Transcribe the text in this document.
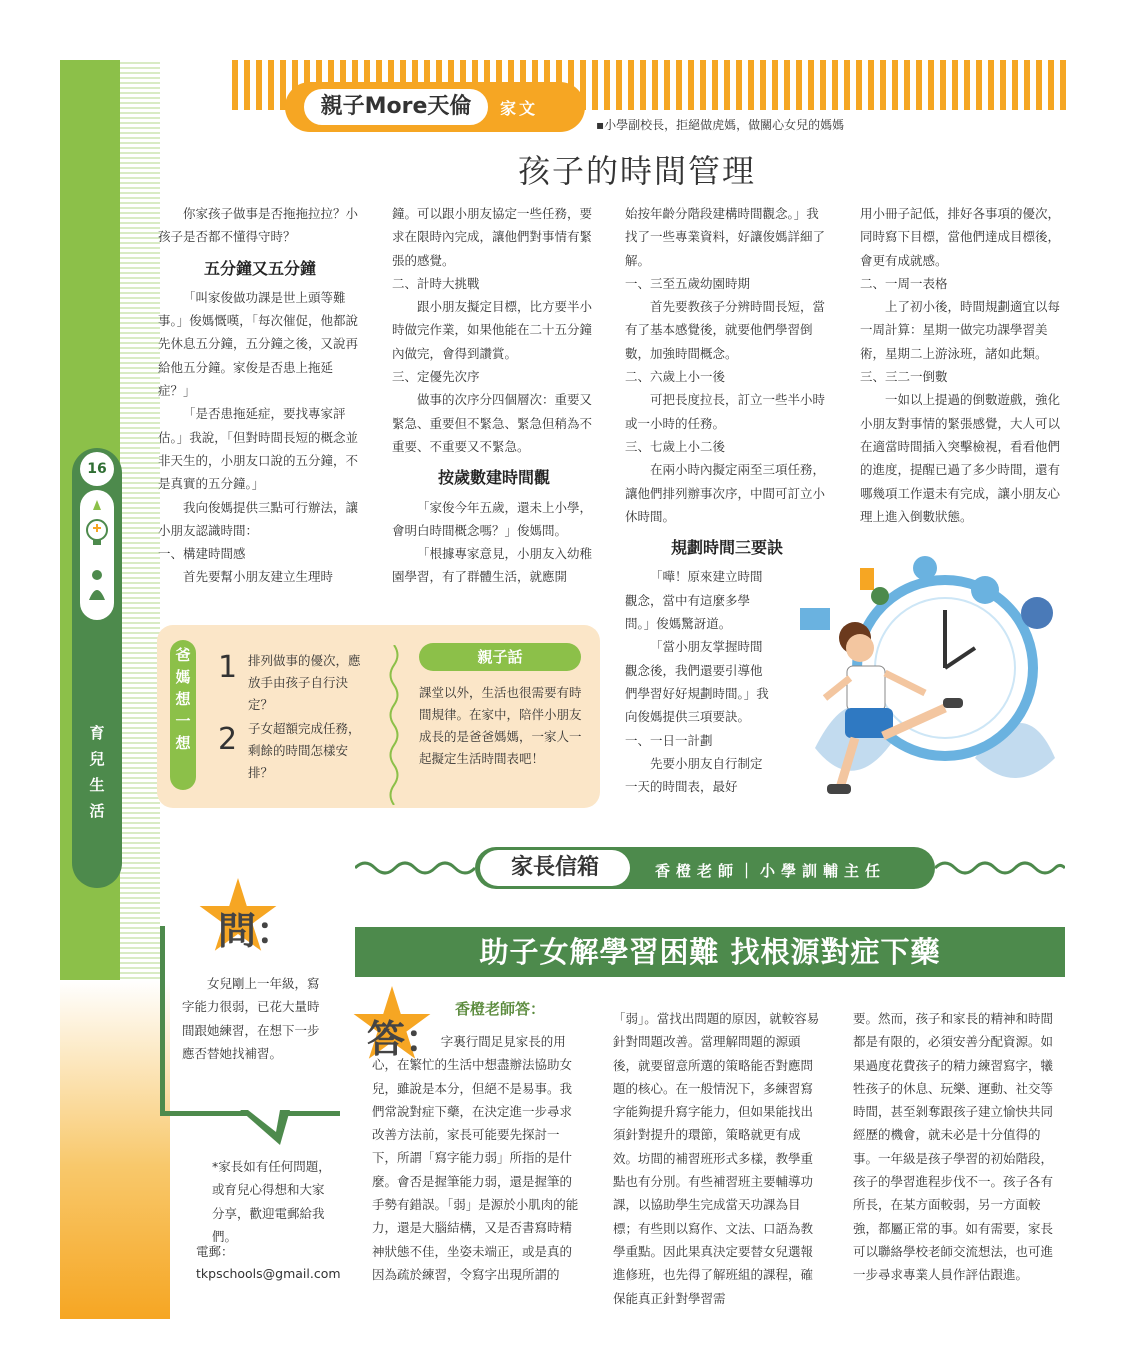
親子More天倫	家文
▪小學副校長，拒絕做虎媽，做關心女兒的媽媽
孩子的時間管理
16
育兒生活

你家孩子做事是否拖拖拉拉？小孩子是否都不懂得守時？

五分鐘又五分鐘

「叫家俊做功課是世上頭等難事。」俊媽慨嘆，「每次催促，他都說先休息五分鐘，五分鐘之後，又說再給他五分鐘。家俊是否患上拖延症？」

「是否患拖延症，要找專家評估。」我說，「但對時間長短的概念並非天生的，小朋友口說的五分鐘，不是真實的五分鐘。」

我向俊媽提供三點可行辦法，讓小朋友認識時間：

一、構建時間感

首先要幫小朋友建立生理時

鐘。可以跟小朋友協定一些任務，要求在限時內完成，讓他們對事情有緊張的感覺。

二、計時大挑戰

跟小朋友擬定目標，比方要半小時做完作業，如果他能在二十五分鐘內做完，會得到讚賞。

三、定優先次序

做事的次序分四個層次：重要又緊急、重要但不緊急、緊急但稍為不重要、不重要又不緊急。

按歲數建時間觀

「家俊今年五歲，還未上小學，會明白時間概念嗎？」俊媽問。

「根據專家意見，小朋友入幼稚園學習，有了群體生活，就應開

始按年齡分階段建構時間觀念。」我找了一些專業資料，好讓俊媽詳細了解。

一、三至五歲幼園時期

首先要教孩子分辨時間長短，當有了基本感覺後，就要他們學習倒數，加強時間概念。

二、六歲上小一後

可把長度拉長，訂立一些半小時或一小時的任務。

三、七歲上小二後

在兩小時內擬定兩至三項任務，讓他們排列辦事次序，中間可訂立小休時間。

規劃時間三要訣

「嘩！原來建立時間觀念，當中有這麼多學問。」俊媽驚訝道。

「當小朋友掌握時間觀念後，我們還要引導他們學習好好規劃時間。」我向俊媽提供三項要訣。

一、一日一計劃

先要小朋友自行制定一天的時間表，最好

用小冊子記低，排好各事項的優次，同時寫下目標，當他們達成目標後，會更有成就感。

二、一周一表格

上了初小後，時間規劃適宜以每一周計算：星期一做完功課學習美術，星期二上游泳班，諸如此類。

三、三二一倒數

一如以上提過的倒數遊戲，強化小朋友對事情的緊張感覺，大人可以在適當時間插入突擊檢視，看看他們的進度，提醒已過了多少時間，還有哪幾項工作還未有完成，讓小朋友心理上進入倒數狀態。

爸媽想一想
1 排列做事的優次，應放手由孩子自行決定？
2 子女超額完成任務，剩餘的時間怎樣安排？
親子話
課堂以外，生活也很需要有時間規律。在家中，陪伴小朋友成長的是爸爸媽媽，一家人一起擬定生活時間表吧！
家長信箱	香橙老師｜小學訓輔主任
問：
女兒剛上一年級，寫字能力很弱，已花大量時間跟她練習，在想下一步應否替她找補習。
*家長如有任何問題，或育兒心得想和大家分享，歡迎電郵給我們。
電郵：
tkpschools@gmail.com
助子女解學習困難 找根源對症下藥
答：
香橙老師答：

字裏行間足見家長的用心，在繁忙的生活中想盡辦法協助女兒，雖說是本分，但絕不是易事。我們常說對症下藥，在決定進一步尋求改善方法前，家長可能要先探討一下，所謂「寫字能力弱」所指的是什麼。會否是握筆能力弱，還是握筆的手勢有錯誤。「弱」是源於小肌肉的能力，還是大腦結構，又是否書寫時精神狀態不佳，坐姿未端正，或是真的因為疏於練習，令寫字出現所謂的

「弱」。當找出問題的原因，就較容易針對問題改善。當理解問題的源頭後，就要留意所選的策略能否對應問題的核心。在一般情況下，多練習寫字能夠提升寫字能力，但如果能找出須針對提升的環節，策略就更有成效。坊間的補習班形式多樣，教學重點也有分別。有些補習班主要輔導功課，以協助學生完成當天功課為目標；有些則以寫作、文法、口語為教學重點。因此果真決定要替女兒選報進修班，也先得了解班組的課程，確保能真正針對學習需

要。然而，孩子和家長的精神和時間都是有限的，必須安善分配資源。如果過度花費孩子的精力練習寫字，犧牲孩子的休息、玩樂、運動、社交等時間，甚至剝奪跟孩子建立愉快共同經歷的機會，就未必是十分值得的事。一年級是孩子學習的初始階段，孩子的學習進程步伐不一。孩子各有所長，在某方面較弱，另一方面較強，都屬正常的事。如有需要，家長可以聯絡學校老師交流想法，也可進一步尋求專業人員作評估跟進。
